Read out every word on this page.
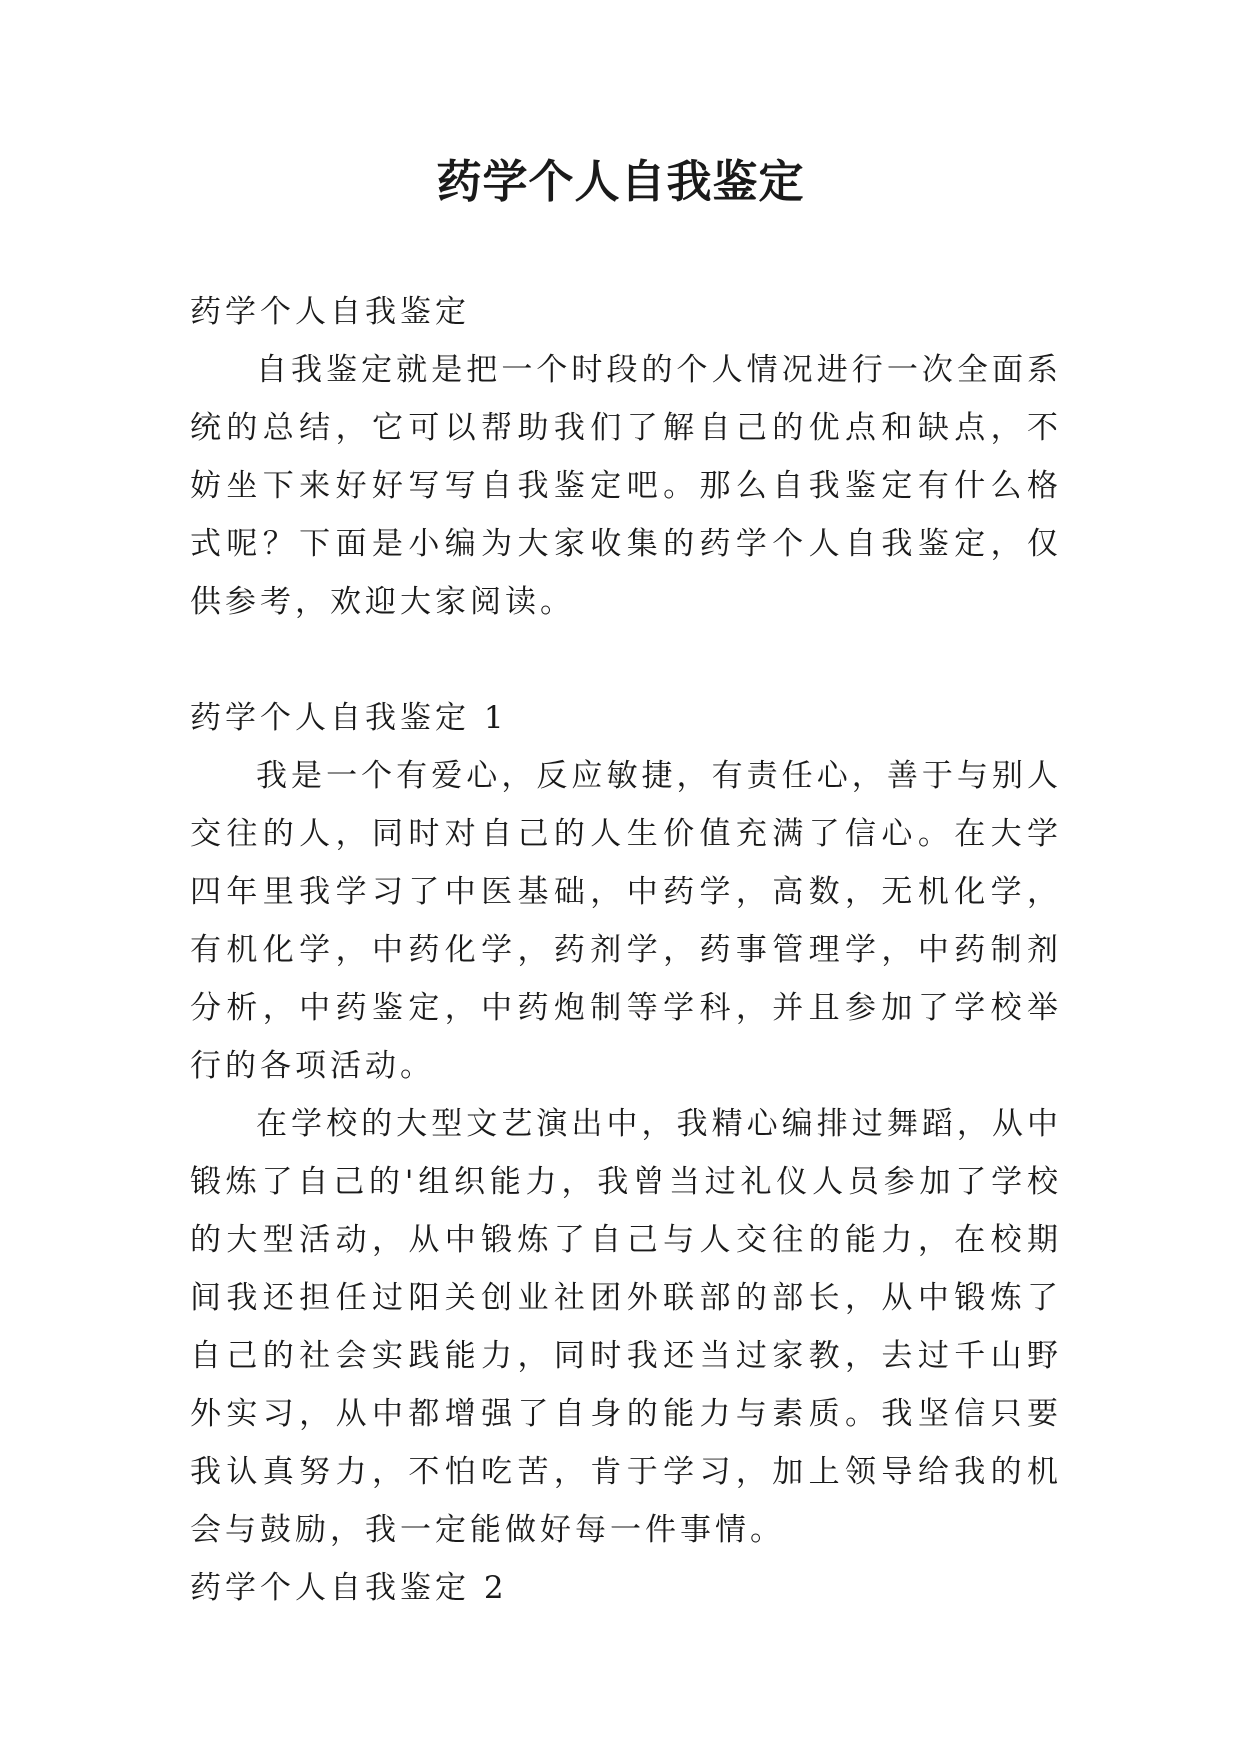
药学个人自我鉴定

药学个人自我鉴定

自我鉴定就是把一个时段的个人情况进行一次全面系统的总结，它可以帮助我们了解自己的优点和缺点，不妨坐下来好好写写自我鉴定吧。那么自我鉴定有什么格式呢？下面是小编为大家收集的药学个人自我鉴定，仅供参考，欢迎大家阅读。

药学个人自我鉴定 1

我是一个有爱心，反应敏捷，有责任心，善于与别人交往的人，同时对自己的人生价值充满了信心。在大学四年里我学习了中医基础，中药学，高数，无机化学，有机化学，中药化学，药剂学，药事管理学，中药制剂分析，中药鉴定，中药炮制等学科，并且参加了学校举行的各项活动。

在学校的大型文艺演出中，我精心编排过舞蹈，从中锻炼了自己的'组织能力，我曾当过礼仪人员参加了学校的大型活动，从中锻炼了自己与人交往的能力，在校期间我还担任过阳关创业社团外联部的部长，从中锻炼了自己的社会实践能力，同时我还当过家教，去过千山野外实习，从中都增强了自身的能力与素质。我坚信只要我认真努力，不怕吃苦，肯于学习，加上领导给我的机会与鼓励，我一定能做好每一件事情。

药学个人自我鉴定 2
